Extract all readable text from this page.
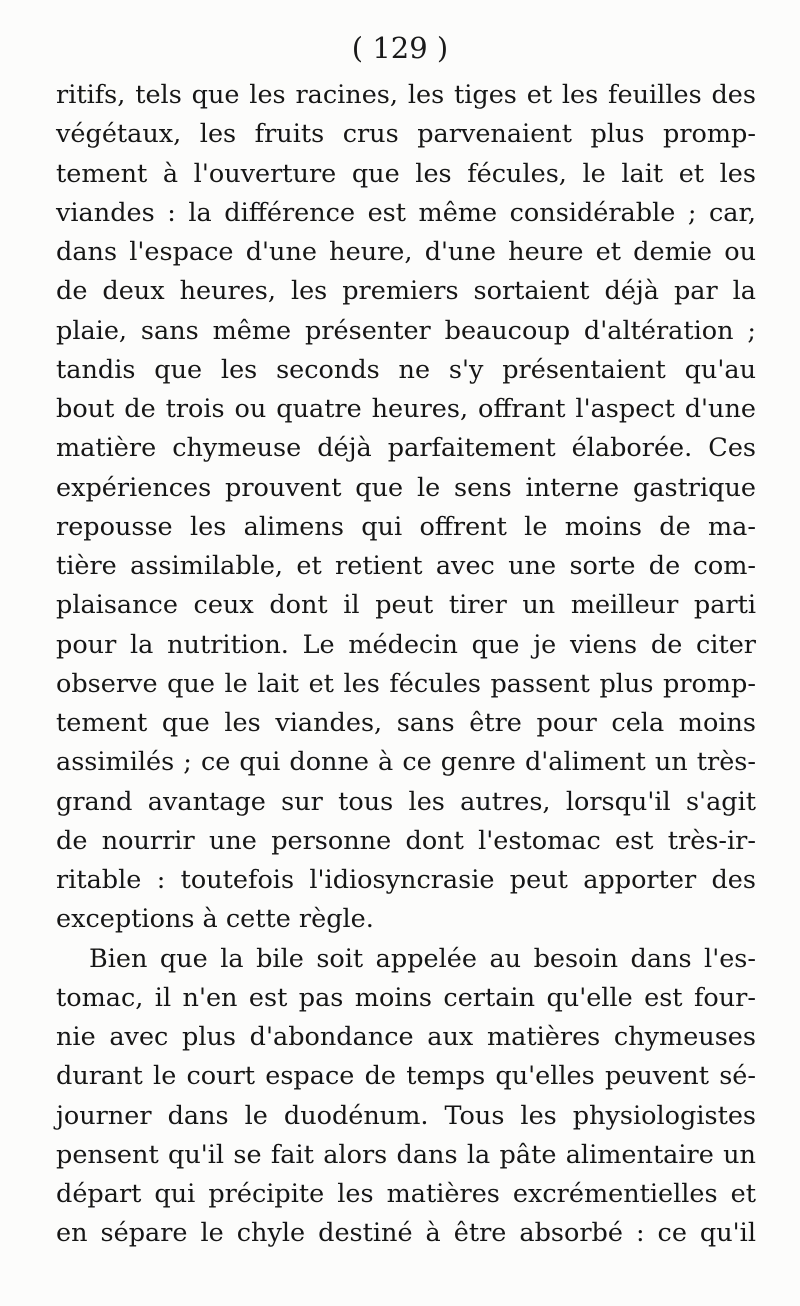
( 129 )
ritifs, tels que les racines, les tiges et les feuilles des
végétaux, les fruits crus parvenaient plus promp-
tement à l'ouverture que les fécules, le lait et les
viandes : la différence est même considérable ; car,
dans l'espace d'une heure, d'une heure et demie ou
de deux heures, les premiers sortaient déjà par la
plaie, sans même présenter beaucoup d'altération ;
tandis que les seconds ne s'y présentaient qu'au
bout de trois ou quatre heures, offrant l'aspect d'une
matière chymeuse déjà parfaitement élaborée. Ces
expériences prouvent que le sens interne gastrique
repousse les alimens qui offrent le moins de ma-
tière assimilable, et retient avec une sorte de com-
plaisance ceux dont il peut tirer un meilleur parti
pour la nutrition. Le médecin que je viens de citer
observe que le lait et les fécules passent plus promp-
tement que les viandes, sans être pour cela moins
assimilés ; ce qui donne à ce genre d'aliment un très-
grand avantage sur tous les autres, lorsqu'il s'agit
de nourrir une personne dont l'estomac est très-ir-
ritable : toutefois l'idiosyncrasie peut apporter des
exceptions à cette règle.
Bien que la bile soit appelée au besoin dans l'es-
tomac, il n'en est pas moins certain qu'elle est four-
nie avec plus d'abondance aux matières chymeuses
durant le court espace de temps qu'elles peuvent sé-
journer dans le duodénum. Tous les physiologistes
pensent qu'il se fait alors dans la pâte alimentaire un
départ qui précipite les matières excrémentielles et
en sépare le chyle destiné à être absorbé : ce qu'il
